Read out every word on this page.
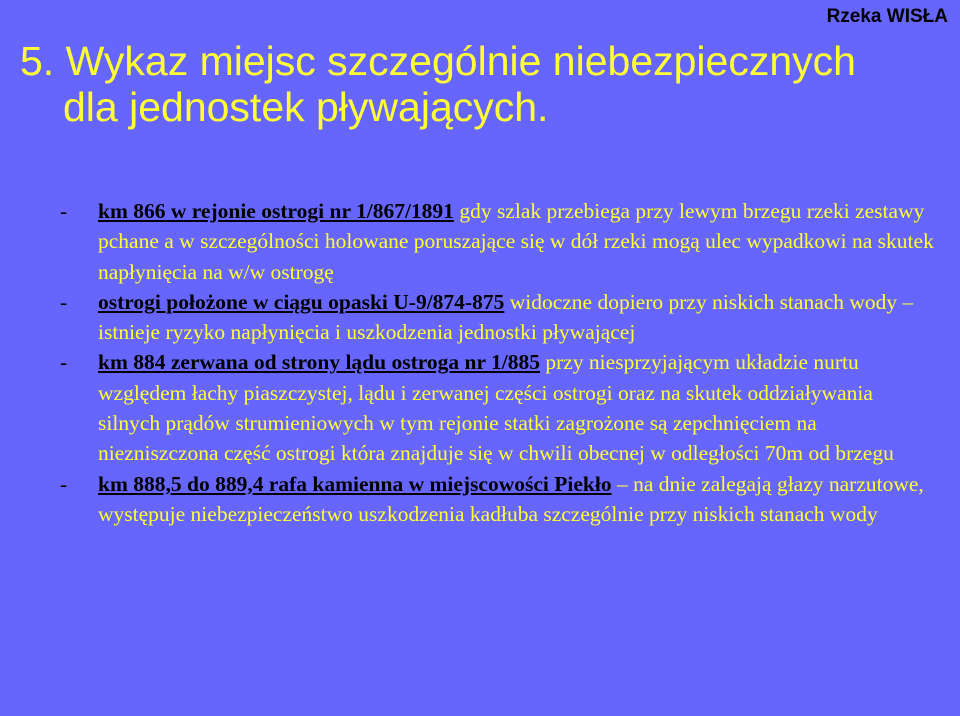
Rzeka WISŁA
5. Wykaz miejsc szczególnie niebezpiecznych
dla jednostek pływających.
- km 866 w rejonie ostrogi nr 1/867/1891 gdy szlak przebiega przy lewym brzegu rzeki zestawy pchane a w szczególności holowane poruszające się w dół rzeki mogą ulec wypadkowi na skutek napłynięcia na w/w ostrogę
- ostrogi położone w ciągu opaski U-9/874-875 widoczne dopiero przy niskich stanach wody – istnieje ryzyko napłynięcia i uszkodzenia jednostki pływającej
- km 884 zerwana od strony lądu ostroga nr 1/885 przy niesprzyjającym układzie nurtu względem łachy piaszczystej, lądu i zerwanej części ostrogi oraz na skutek oddziaływania silnych prądów strumieniowych w tym rejonie statki zagrożone są zepchnięciem na niezniszczona część ostrogi która znajduje się w chwili obecnej w odległości 70m od brzegu
- km 888,5 do 889,4 rafa kamienna w miejscowości Piekło – na dnie zalegają głazy narzutowe, występuje niebezpieczeństwo uszkodzenia kadłuba szczególnie przy niskich stanach wody
